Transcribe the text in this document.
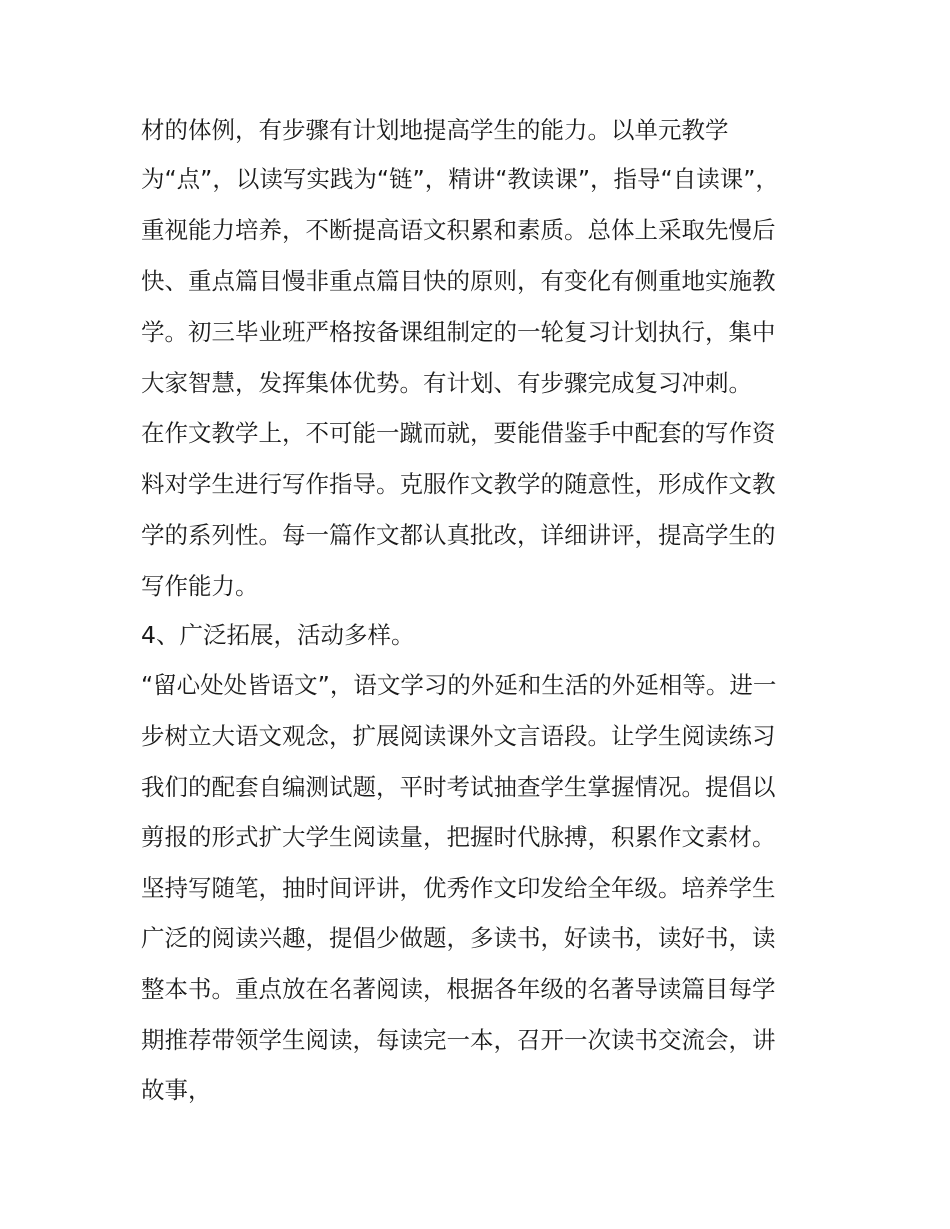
材的体例，有步骤有计划地提高学生的能力。以单元教学
为“点”，以读写实践为“链”，精讲“教读课”，指导“自读课”，
重视能力培养，不断提高语文积累和素质。总体上采取先慢后
快、重点篇目慢非重点篇目快的原则，有变化有侧重地实施教
学。初三毕业班严格按备课组制定的一轮复习计划执行，集中
大家智慧，发挥集体优势。有计划、有步骤完成复习冲刺。
在作文教学上，不可能一蹴而就，要能借鉴手中配套的写作资
料对学生进行写作指导。克服作文教学的随意性，形成作文教
学的系列性。每一篇作文都认真批改，详细讲评，提高学生的
写作能力。
4、广泛拓展，活动多样。
“留心处处皆语文”，语文学习的外延和生活的外延相等。进一
步树立大语文观念，扩展阅读课外文言语段。让学生阅读练习
我们的配套自编测试题，平时考试抽查学生掌握情况。提倡以
剪报的形式扩大学生阅读量，把握时代脉搏，积累作文素材。
坚持写随笔，抽时间评讲，优秀作文印发给全年级。培养学生
广泛的阅读兴趣，提倡少做题，多读书，好读书，读好书，读
整本书。重点放在名著阅读，根据各年级的名著导读篇目每学
期推荐带领学生阅读，每读完一本，召开一次读书交流会，讲
故事，
